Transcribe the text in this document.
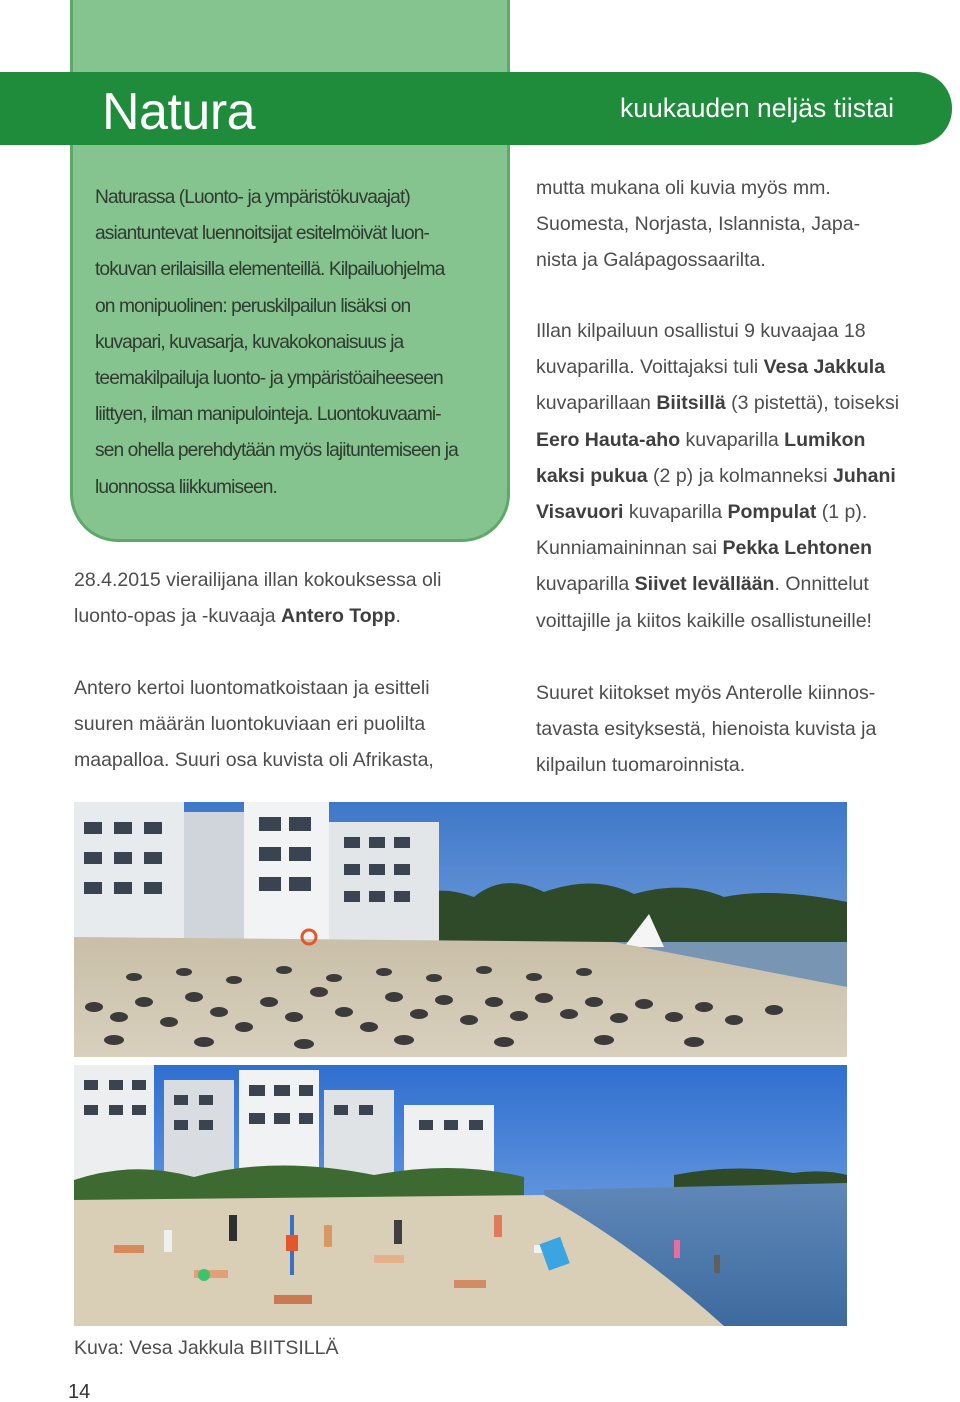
Naturassa (Luonto- ja ympäristökuvaajat)
asiantuntevat luennoitsijat esitelmöivät luon-
tokuvan erilaisilla elementeillä. Kilpailuohjelma
on monipuolinen: peruskilpailun lisäksi on
kuvapari, kuvasarja, kuvakokonaisuus ja
teemakilpailuja luonto- ja ympäristöaiheeseen
liittyen, ilman manipulointeja. Luontokuvaami-
sen ohella perehdytään myös lajituntemiseen ja
luonnossa liikkumiseen.
Natura	kuukauden neljäs tiistai
28.4.2015 vierailijana illan kokouksessa oli
luonto-opas ja -kuvaaja Antero Topp.
Antero kertoi luontomatkoistaan ja esitteli
suuren määrän luontokuviaan eri puolilta
maapalloa. Suuri osa kuvista oli Afrikasta,
mutta mukana oli kuvia myös mm.
Suomesta, Norjasta, Islannista, Japa-
nista ja Galápagossaarilta.
Illan kilpailuun osallistui 9 kuvaajaa 18
kuvaparilla. Voittajaksi tuli Vesa Jakkula
kuvaparillaan Biitsillä (3 pistettä), toiseksi
Eero Hauta-aho kuvaparilla Lumikon
kaksi pukua (2 p) ja kolmanneksi Juhani
Visavuori kuvaparilla Pompulat (1 p).
Kunniamaininnan sai Pekka Lehtonen
kuvaparilla Siivet levällään. Onnittelut
voittajille ja kiitos kaikille osallistuneille!
Suuret kiitokset myös Anterolle kiinnos-
tavasta esityksestä, hienoista kuvista ja
kilpailun tuomaroinnista.
Kuva: Vesa Jakkula BIITSILLÄ
14
